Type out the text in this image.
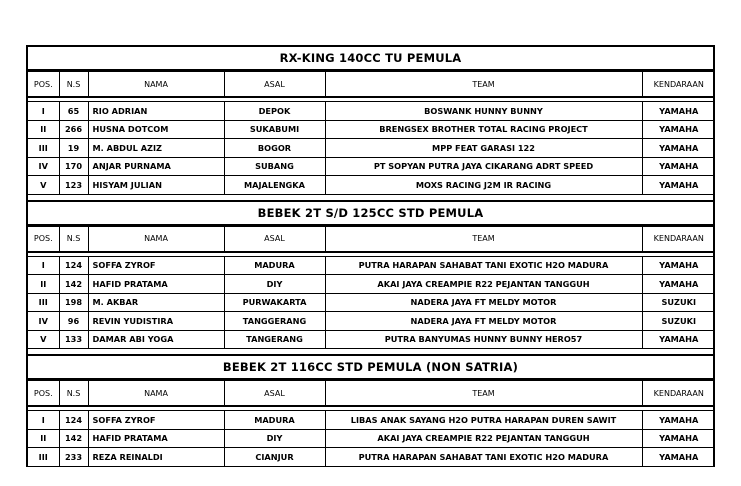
RX-KING 140CC TU PEMULA
POS.	N.S	NAMA	ASAL	TEAM	KENDARAAN

I	65	RIO ADRIAN	DEPOK	BOSWANK HUNNY BUNNY	YAMAHA
II	266	HUSNA DOTCOM	SUKABUMI	BRENGSEX BROTHER TOTAL RACING PROJECT	YAMAHA
III	19	M. ABDUL AZIZ	BOGOR	MPP FEAT GARASI 122	YAMAHA
IV	170	ANJAR PURNAMA	SUBANG	PT SOPYAN PUTRA JAYA CIKARANG ADRT SPEED	YAMAHA
V	123	HISYAM JULIAN	MAJALENGKA	MOXS RACING J2M IR RACING	YAMAHA
BEBEK 2T S/D 125CC STD PEMULA
POS.	N.S	NAMA	ASAL	TEAM	KENDARAAN

I	124	SOFFA ZYROF	MADURA	PUTRA HARAPAN SAHABAT TANI EXOTIC H2O MADURA	YAMAHA
II	142	HAFID PRATAMA	DIY	AKAI JAYA CREAMPIE R22 PEJANTAN TANGGUH	YAMAHA
III	198	M. AKBAR	PURWAKARTA	NADERA JAYA FT MELDY MOTOR	SUZUKI
IV	96	REVIN YUDISTIRA	TANGGERANG	NADERA JAYA FT MELDY MOTOR	SUZUKI
V	133	DAMAR ABI YOGA	TANGERANG	PUTRA BANYUMAS HUNNY BUNNY HERO57	YAMAHA
BEBEK 2T 116CC STD PEMULA (NON SATRIA)
POS.	N.S	NAMA	ASAL	TEAM	KENDARAAN

I	124	SOFFA ZYROF	MADURA	LIBAS ANAK SAYANG H2O PUTRA HARAPAN DUREN SAWIT	YAMAHA
II	142	HAFID PRATAMA	DIY	AKAI JAYA CREAMPIE R22 PEJANTAN TANGGUH	YAMAHA
III	233	REZA REINALDI	CIANJUR	PUTRA HARAPAN SAHABAT TANI EXOTIC H2O MADURA	YAMAHA
